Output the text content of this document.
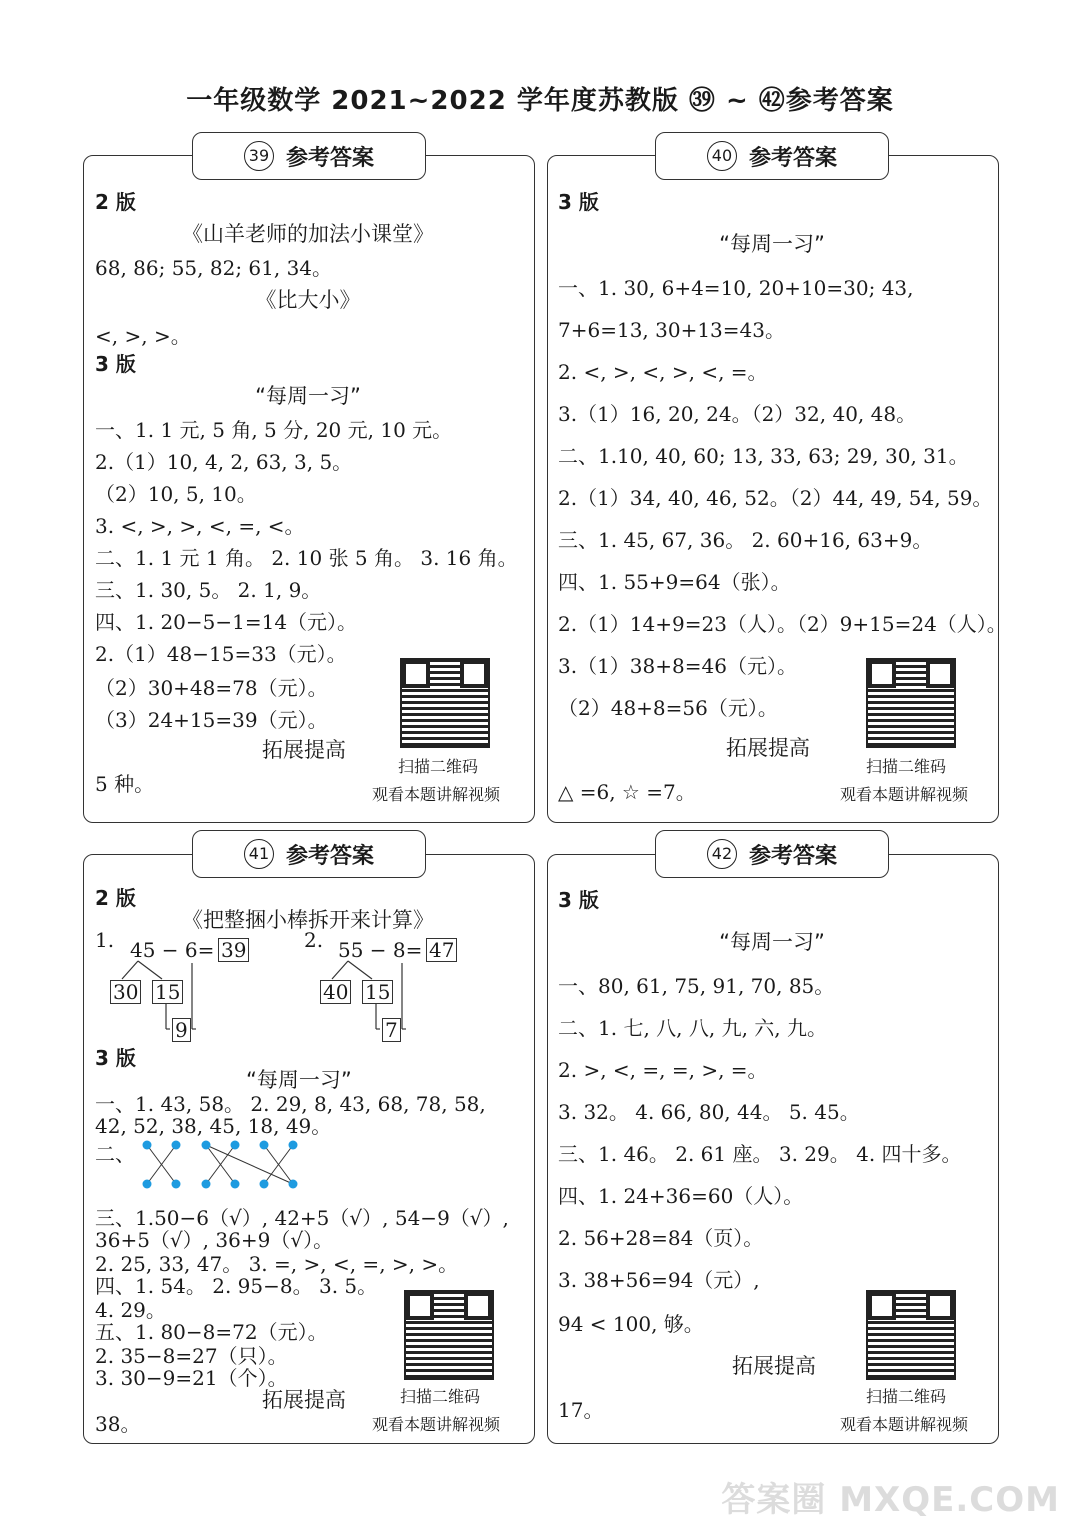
一年级数学 2021~2022 学年度苏教版 ㊴ ~ ㊷参考答案
39 参考答案
2 版
《山羊老师的加法小课堂》
68, 86; 55, 82; 61, 34。
《比大小》
<, >, >。
3 版
“每周一习”
一、1. 1 元, 5 角, 5 分, 20 元, 10 元。
2.（1）10, 4, 2, 63, 3, 5。
（2）10, 5, 10。
3. <, >, >, <, =, <。
二、1. 1 元 1 角。 2. 10 张 5 角。 3. 16 角。
三、1. 30, 5。 2. 1, 9。
四、1. 20−5−1=14（元）。
2.（1）48−15=33（元）。
（2）30+48=78（元）。
（3）24+15=39（元）。
拓展提高
5 种。
扫描二维码
观看本题讲解视频
40 参考答案
3 版
“每周一习”
一、1. 30, 6+4=10, 20+10=30; 43,
7+6=13, 30+13=43。
2. <, >, <, >, <, =。
3.（1）16, 20, 24。（2）32, 40, 48。
二、1.10, 40, 60; 13, 33, 63; 29, 30, 31。
2.（1）34, 40, 46, 52。（2）44, 49, 54, 59。
三、1. 45, 67, 36。 2. 60+16, 63+9。
四、1. 55+9=64（张）。
2.（1）14+9=23（人）。（2）9+15=24（人）。
3.（1）38+8=46（元）。
（2）48+8=56（元）。
拓展提高
△ =6, ☆ =7。
扫描二维码
观看本题讲解视频
41 参考答案
2 版
《把整捆小棒拆开来计算》
1. 45 − 6= 39
30 15
9
2. 55 − 8= 47
40 15
7
3 版
“每周一习”
一、1. 43, 58。 2. 29, 8, 43, 68, 78, 58,
42, 52, 38, 45, 18, 49。
二、
三、1.50−6（√）, 42+5（√）, 54−9（√）,
36+5（√）, 36+9（√）。
2. 25, 33, 47。 3. =, >, <, =, >, >。
四、1. 54。 2. 95−8。 3. 5。
4. 29。
五、1. 80−8=72（元）。
2. 35−8=27（只）。
3. 30−9=21（个）。
拓展提高
38。
扫描二维码
观看本题讲解视频
42 参考答案
3 版
“每周一习”
一、80, 61, 75, 91, 70, 85。
二、1. 七, 八, 八, 九, 六, 九。
2. >, <, =, =, >, =。
3. 32。 4. 66, 80, 44。 5. 45。
三、1. 46。 2. 61 座。 3. 29。 4. 四十多。
四、1. 24+36=60（人）。
2. 56+28=84（页）。
3. 38+56=94（元）,
94 < 100, 够。
拓展提高
17。
扫描二维码
观看本题讲解视频
答案圈 MXQE.COM
